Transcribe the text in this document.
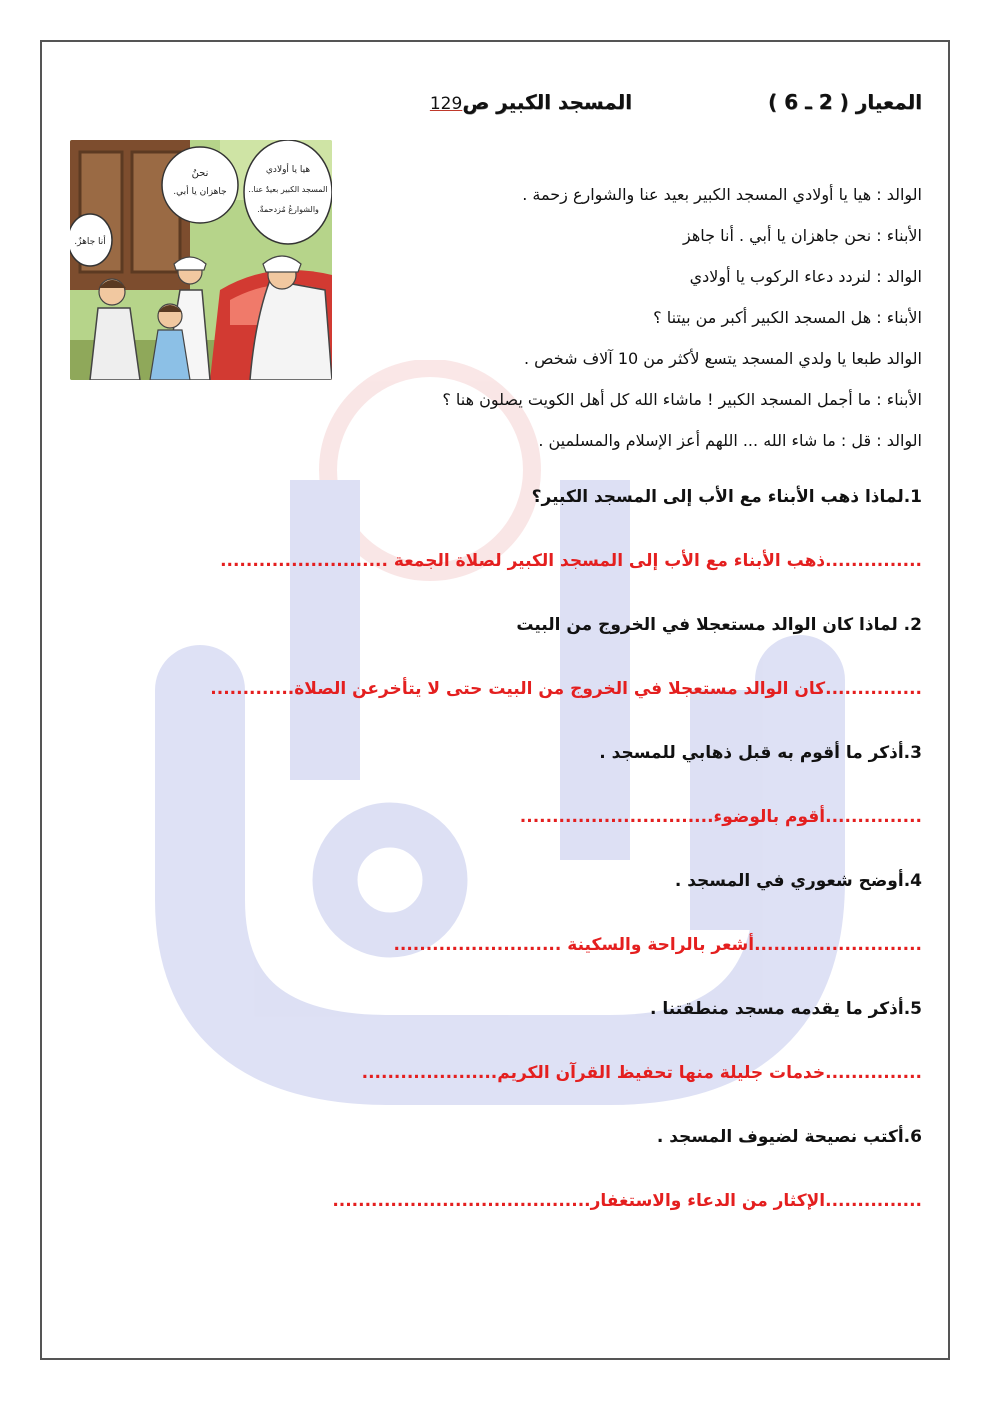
المعيار ( 2 ـ 6 )
المسجد الكبير ص129
أنا جاهزٌ.
نحنُ
جاهزان يا أبي.
هيا يا أولادي
المسجد الكبير بعيدٌ عنا..
والشوارعُ مُزدحمةٌ.
الوالد : هيا يا أولادي المسجد الكبير بعيد عنا والشوارع زحمة .
الأبناء : نحن جاهزان يا أبي . أنا جاهز
الوالد : لنردد دعاء الركوب يا أولادي
الأبناء : هل المسجد الكبير أكبر من بيتنا ؟
الوالد طبعا يا ولدي المسجد يتسع لأكثر من 10 آلاف شخص .
الأبناء : ما أجمل المسجد الكبير ! ماشاء الله كل أهل الكويت يصلون هنا ؟
الوالد : قل : ما شاء الله ... اللهم أعز الإسلام والمسلمين .
1.لماذا ذهب الأبناء مع الأب إلى المسجد الكبير؟
...............ذهب الأبناء مع الأب إلى المسجد الكبير لصلاة الجمعة ..........................
2. لماذا كان الوالد مستعجلا في الخروج من البيت
...............كان الوالد مستعجلا في الخروج من البيت حتى لا يتأخرعن الصلاة.............
3.أذكر ما أقوم به قبل ذهابي للمسجد .
...............أقوم بالوضوء..............................
4.أوضح شعوري في المسجد .
..........................أشعر بالراحة والسكينة ..........................
5.أذكر ما يقدمه مسجد منطقتنا .
...............خدمات جليلة منها تحفيظ القرآن الكريم.....................
6.أكتب نصيحة لضيوف المسجد .
...............الإكثار من الدعاء والاستغفار........................................
